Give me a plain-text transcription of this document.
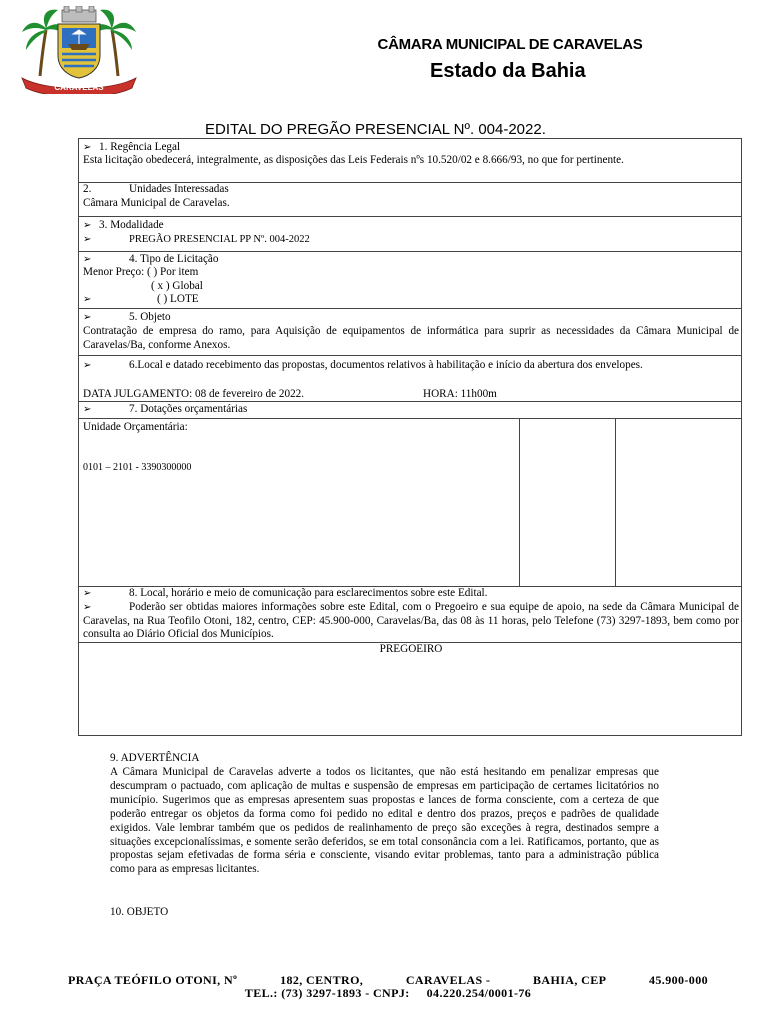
CARAVELAS
CÂMARA MUNICIPAL DE CARAVELAS
Estado da Bahia
EDITAL DO PREGÃO PRESENCIAL Nº. 004-2022.
➢ 1. Regência Legal
Esta licitação obedecerá, integralmente, as disposições das Leis Federais nºs 10.520/02 e 8.666/93, no que for pertinente.
2.	Unidades Interessadas
Câmara Municipal de Caravelas.
➢ 3. Modalidade
➢	PREGÃO PRESENCIAL PP Nº. 004-2022
➢	4. Tipo de Licitação
Menor Preço: ( ) Por item
( x ) Global
➢	( ) LOTE
➢	5. Objeto
Contratação de empresa do ramo, para Aquisição de equipamentos de informática para suprir as necessidades da Câmara Municipal de Caravelas/Ba, conforme Anexos.
➢	6.Local e datado recebimento das propostas, documentos relativos à habilitação e início da abertura dos envelopes.
DATA JULGAMENTO: 08 de fevereiro de 2022.	HORA: 11h00m
➢	7. Dotações orçamentárias
Unidade Orçamentária:
0101 – 2101 - 3390300000
➢	8. Local, horário e meio de comunicação para esclarecimentos sobre este Edital.
➢	Poderão ser obtidas maiores informações sobre este Edital, com o Pregoeiro e sua equipe de apoio, na sede da Câmara Municipal de Caravelas, na Rua Teofilo Otoni, 182, centro, CEP: 45.900-000, Caravelas/Ba, das 08 às 11 horas, pelo Telefone (73) 3297-1893, bem como por consulta ao Diário Oficial dos Municípios.
PREGOEIRO
9. ADVERTÊNCIA
A Câmara Municipal de Caravelas adverte a todos os licitantes, que não está hesitando em penalizar empresas que descumpram o pactuado, com aplicação de multas e suspensão de empresas em participação de certames licitatórios no município. Sugerimos que as empresas apresentem suas propostas e lances de forma consciente, com a certeza de que poderão entregar os objetos da forma como foi pedido no edital e dentro dos prazos, preços e padrões de qualidade exigidos. Vale lembrar também que os pedidos de realinhamento de preço são exceções à regra, destinados sempre a situações excepcionalíssimas, e somente serão deferidos, se em total consonância com a lei. Ratificamos, portanto, que as propostas sejam efetivadas de forma séria e consciente, visando evitar problemas, tanto para a administração pública como para as empresas licitantes.
10. OBJETO
PRAÇA TEÓFILO OTONI, Nº	182, CENTRO,	CARAVELAS -	BAHIA, CEP	45.900-000
TEL.: (73) 3297-1893 - CNPJ:     04.220.254/0001-76
